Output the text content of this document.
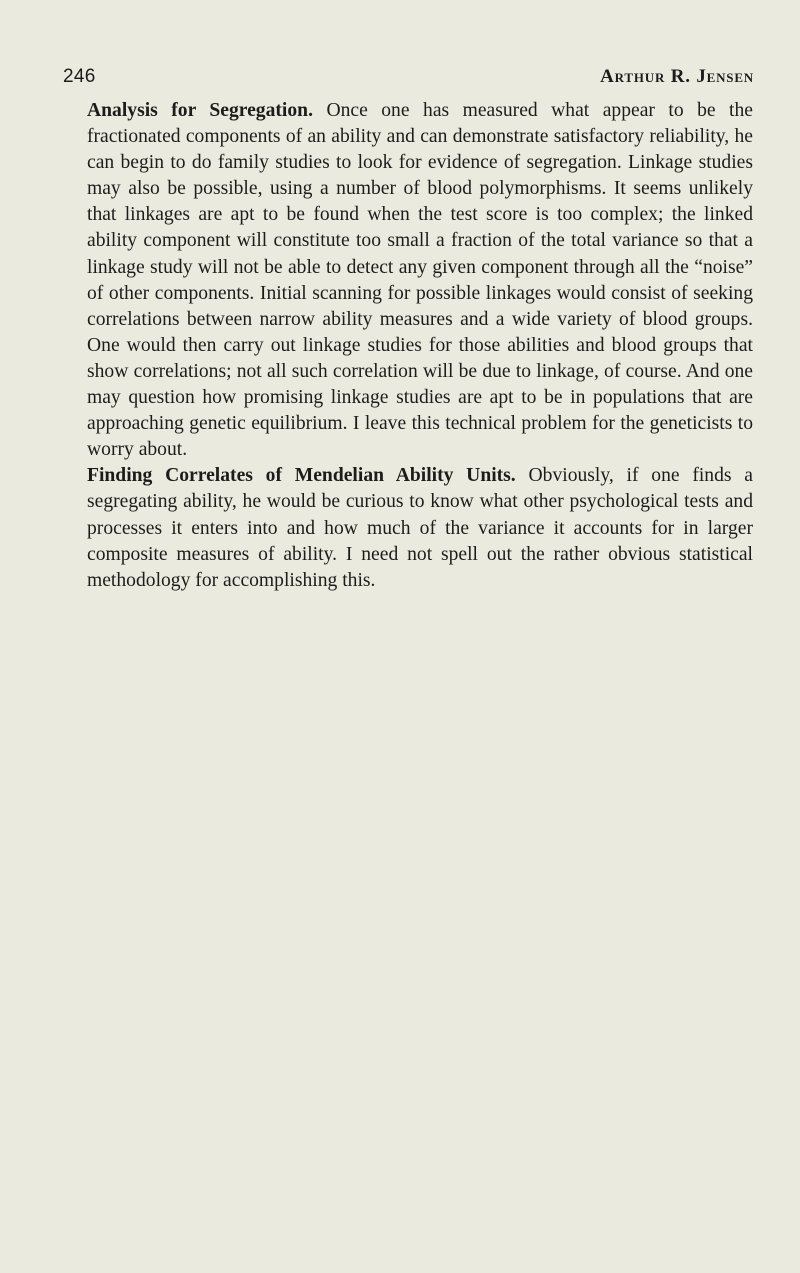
246	Arthur R. Jensen

Analysis for Segregation. Once one has measured what appear to be the fractionated components of an ability and can demonstrate satisfactory reliability, he can begin to do family studies to look for evidence of segregation. Linkage studies may also be possible, using a number of blood polymorphisms. It seems unlikely that linkages are apt to be found when the test score is too complex; the linked ability component will constitute too small a fraction of the total variance so that a linkage study will not be able to detect any given component through all the “noise” of other components. Initial scanning for possible linkages would consist of seeking correlations between narrow ability measures and a wide variety of blood groups. One would then carry out linkage studies for those abilities and blood groups that show correlations; not all such correlation will be due to linkage, of course. And one may question how promising linkage studies are apt to be in populations that are approaching genetic equilibrium. I leave this technical problem for the geneticists to worry about.

Finding Correlates of Mendelian Ability Units. Obviously, if one finds a segregating ability, he would be curious to know what other psychological tests and processes it enters into and how much of the variance it accounts for in larger composite measures of ability. I need not spell out the rather obvious statistical methodology for accomplishing this.
